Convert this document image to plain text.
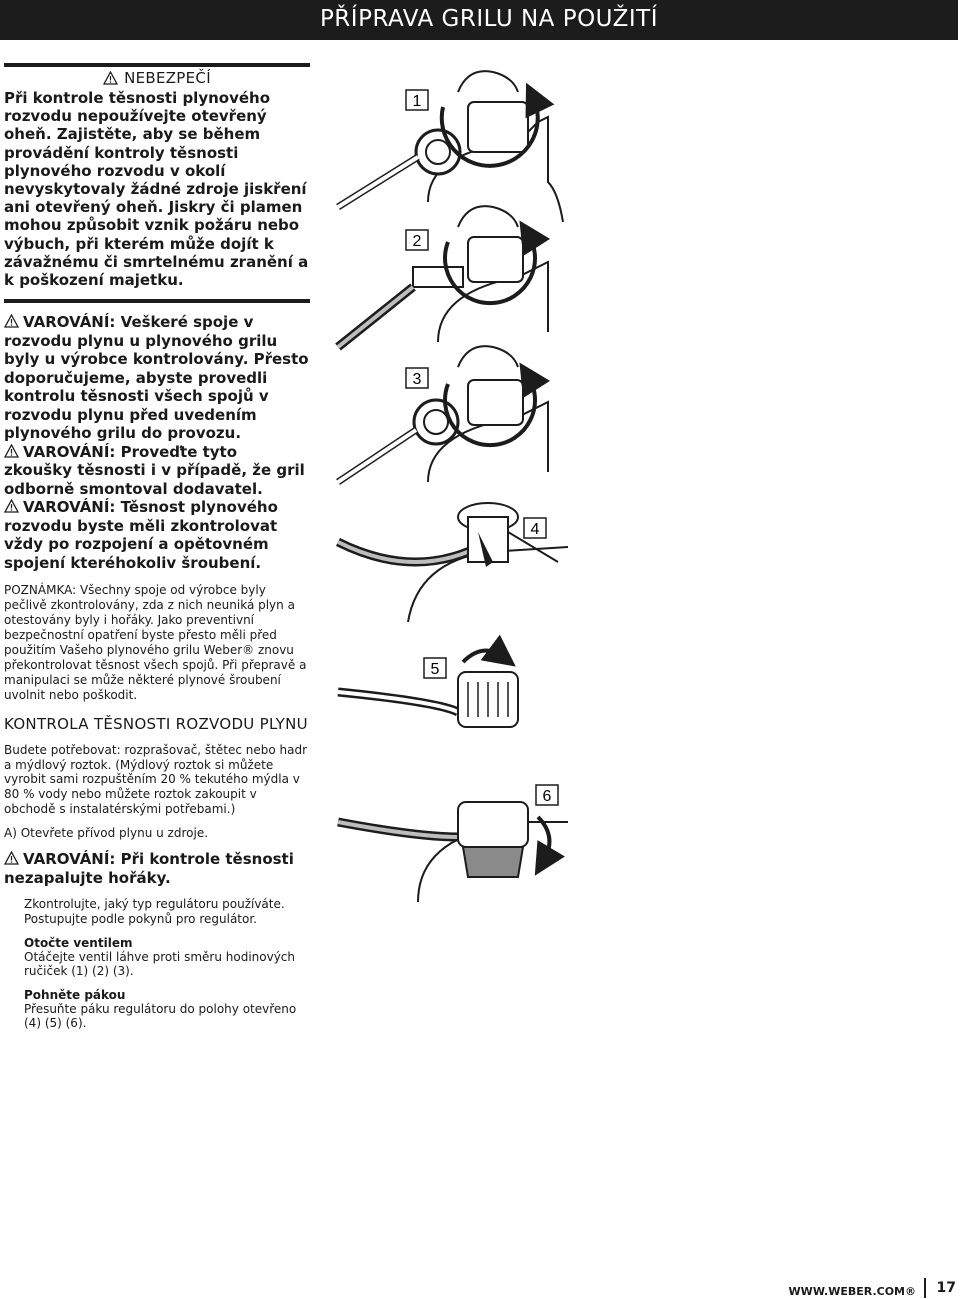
PŘÍPRAVA GRILU NA POUŽITÍ
NEBEZPEČÍ
Při kontrole těsnosti plynového rozvodu nepoužívejte otevřený oheň. Zajistěte, aby se během provádění kontroly těsnosti plynového rozvodu v okolí nevyskytovaly žádné zdroje jiskření ani otevřený oheň. Jiskry či plamen mohou způsobit vznik požáru nebo výbuch, při kterém může dojít k závažnému či smrtelnému zranění a k poškození majetku.

VAROVÁNÍ: Veškeré spoje v rozvodu plynu u plynového grilu byly u výrobce kontrolovány. Přesto doporučujeme, abyste provedli kontrolu těsnosti všech spojů v rozvodu plynu před uvedením plynového grilu do provozu.

VAROVÁNÍ: Proveďte tyto zkoušky těsnosti i v případě, že gril odborně smontoval dodavatel.

VAROVÁNÍ: Těsnost plynového rozvodu byste měli zkontrolovat vždy po rozpojení a opětovném spojení kteréhokoliv šroubení.

POZNÁMKA: Všechny spoje od výrobce byly pečlivě zkontrolovány, zda z nich neuniká plyn a otestovány byly i hořáky. Jako preventivní bezpečnostní opatření byste přesto měli před použitím Vašeho plynového grilu Weber® znovu překontrolovat těsnost všech spojů. Při přepravě a manipulaci se může některé plynové šroubení uvolnit nebo poškodit.
KONTROLA TĚSNOSTI ROZVODU PLYNU
Budete potřebovat: rozprašovač, štětec nebo hadr a mýdlový roztok. (Mýdlový roztok si můžete vyrobit sami rozpuštěním 20 % tekutého mýdla v 80 % vody nebo můžete roztok zakoupit v obchodě s instalatérskými potřebami.)
A) Otevřete přívod plynu u zdroje.
VAROVÁNÍ: Při kontrole těsnosti nezapalujte hořáky.
Zkontrolujte, jaký typ regulátoru používáte. Postupujte podle pokynů pro regulátor.
Otočte ventilem
Otáčejte ventil láhve proti směru hodinových ručiček (1) (2) (3).
Pohněte pákou
Přesuňte páku regulátoru do polohy otevřeno (4) (5) (6).
1
2
3
4
5
6
WWW.WEBER.COM® 17
